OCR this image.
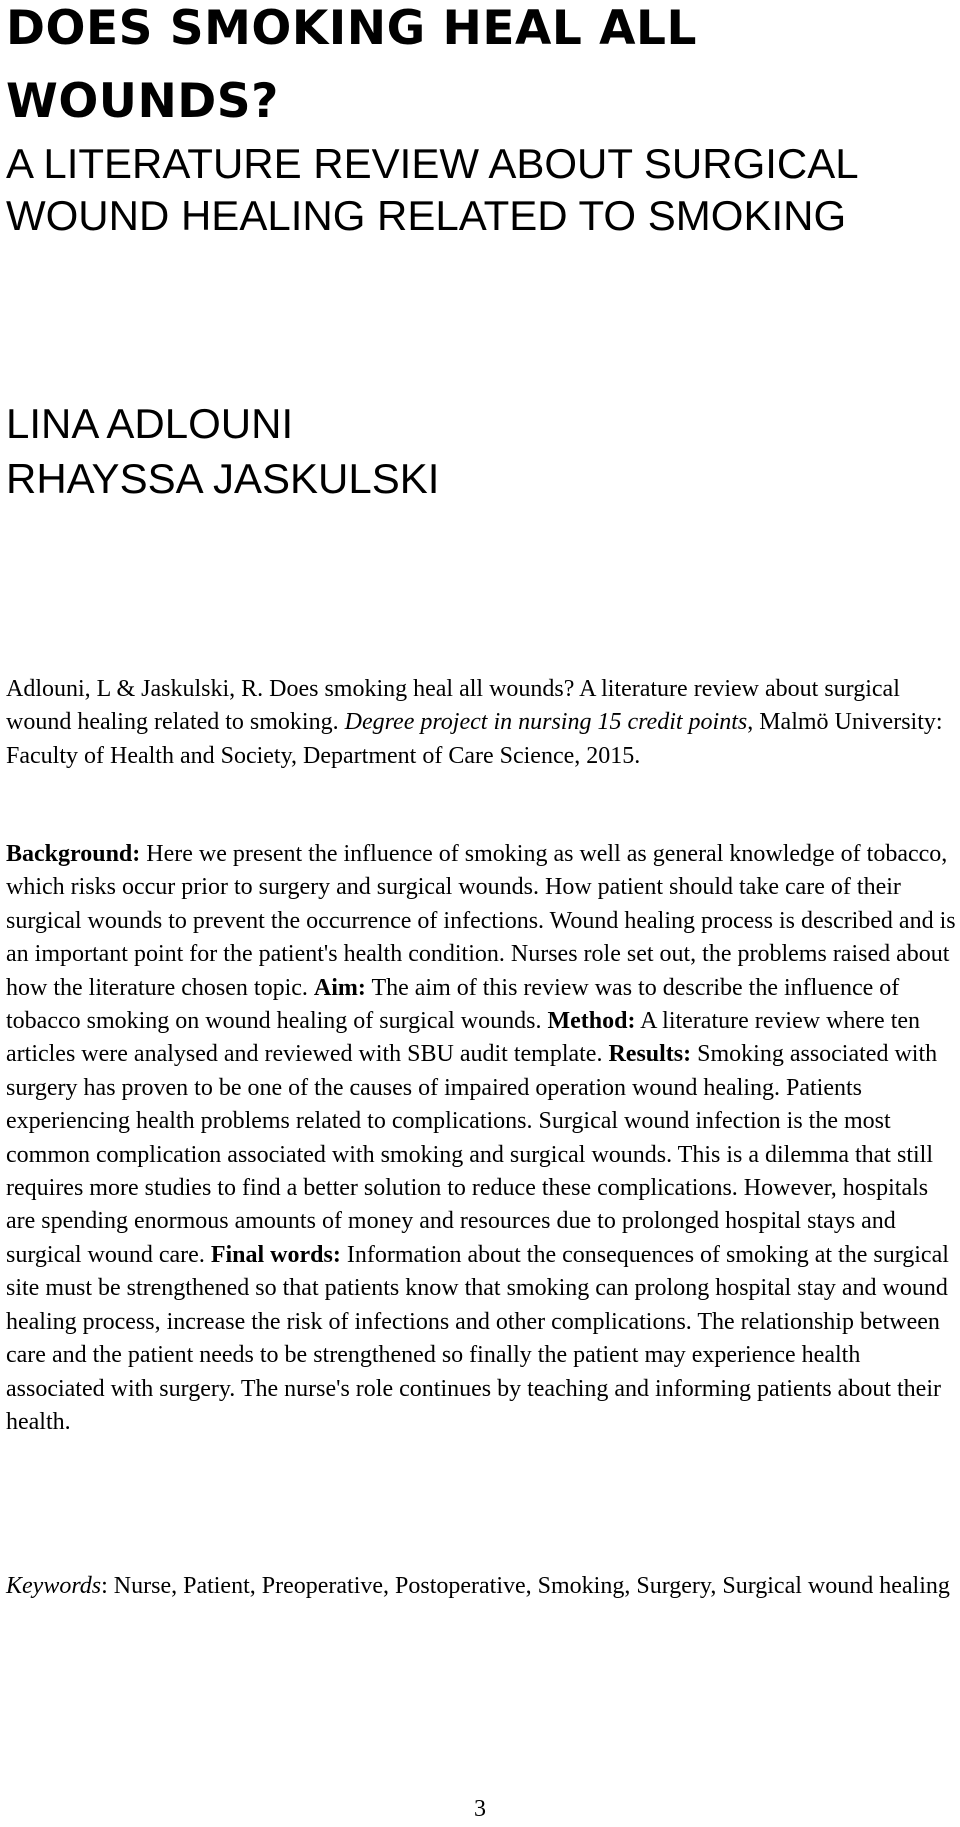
DOES SMOKING HEAL ALL WOUNDS?
A LITERATURE REVIEW ABOUT SURGICAL WOUND HEALING RELATED TO SMOKING
LINA ADLOUNI
RHAYSSA JASKULSKI

Adlouni, L & Jaskulski, R. Does smoking heal all wounds? A literature review about surgical wound healing related to smoking. Degree project in nursing 15 credit points, Malmö University: Faculty of Health and Society, Department of Care Science, 2015.

Background: Here we present the influence of smoking as well as general knowledge of tobacco, which risks occur prior to surgery and surgical wounds. How patient should take care of their surgical wounds to prevent the occurrence of infections. Wound healing process is described and is an important point for the patient's health condition. Nurses role set out, the problems raised about how the literature chosen topic. Aim: The aim of this review was to describe the influence of tobacco smoking on wound healing of surgical wounds. Method: A literature review where ten articles were analysed and reviewed with SBU audit template. Results: Smoking associated with surgery has proven to be one of the causes of impaired operation wound healing. Patients experiencing health problems related to complications. Surgical wound infection is the most common complication associated with smoking and surgical wounds. This is a dilemma that still requires more studies to find a better solution to reduce these complications. However, hospitals are spending enormous amounts of money and resources due to prolonged hospital stays and surgical wound care. Final words: Information about the consequences of smoking at the surgical site must be strengthened so that patients know that smoking can prolong hospital stay and wound healing process, increase the risk of infections and other complications. The relationship between care and the patient needs to be strengthened so finally the patient may experience health associated with surgery. The nurse's role continues by teaching and informing patients about their health.

Keywords: Nurse, Patient, Preoperative, Postoperative, Smoking, Surgery, Surgical wound healing

3
